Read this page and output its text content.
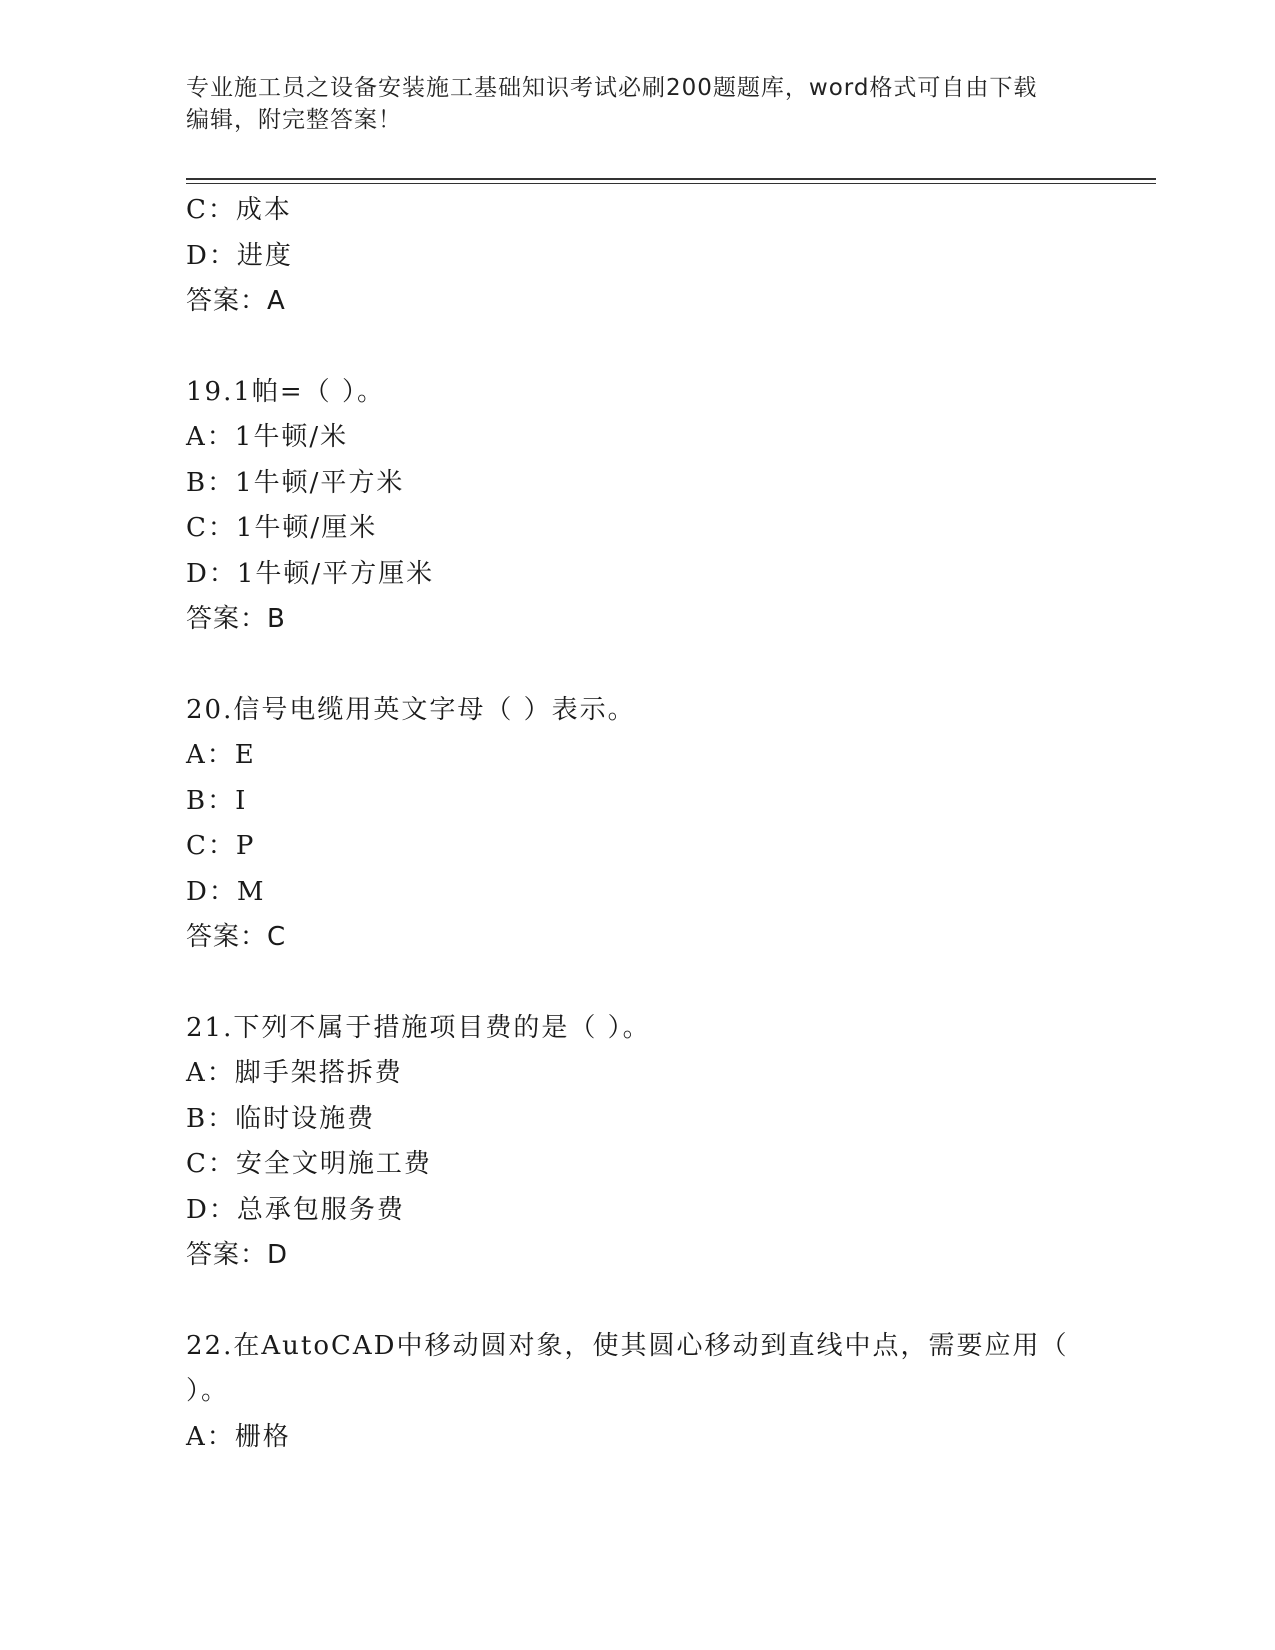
专业施工员之设备安装施工基础知识考试必刷200题题库，word格式可自由下载
编辑，附完整答案！
C：成本
D：进度
答案：A
19.1帕=（ ）。
A：1牛顿/米
B：1牛顿/平方米
C：1牛顿/厘米
D：1牛顿/平方厘米
答案：B
20.信号电缆用英文字母（ ）表示。
A：E
B：I
C：P
D：M
答案：C
21.下列不属于措施项目费的是（ ）。
A：脚手架搭拆费
B：临时设施费
C：安全文明施工费
D：总承包服务费
答案：D
22.在AutoCAD中移动圆对象，使其圆心移动到直线中点，需要应用（
）。
A：栅格
